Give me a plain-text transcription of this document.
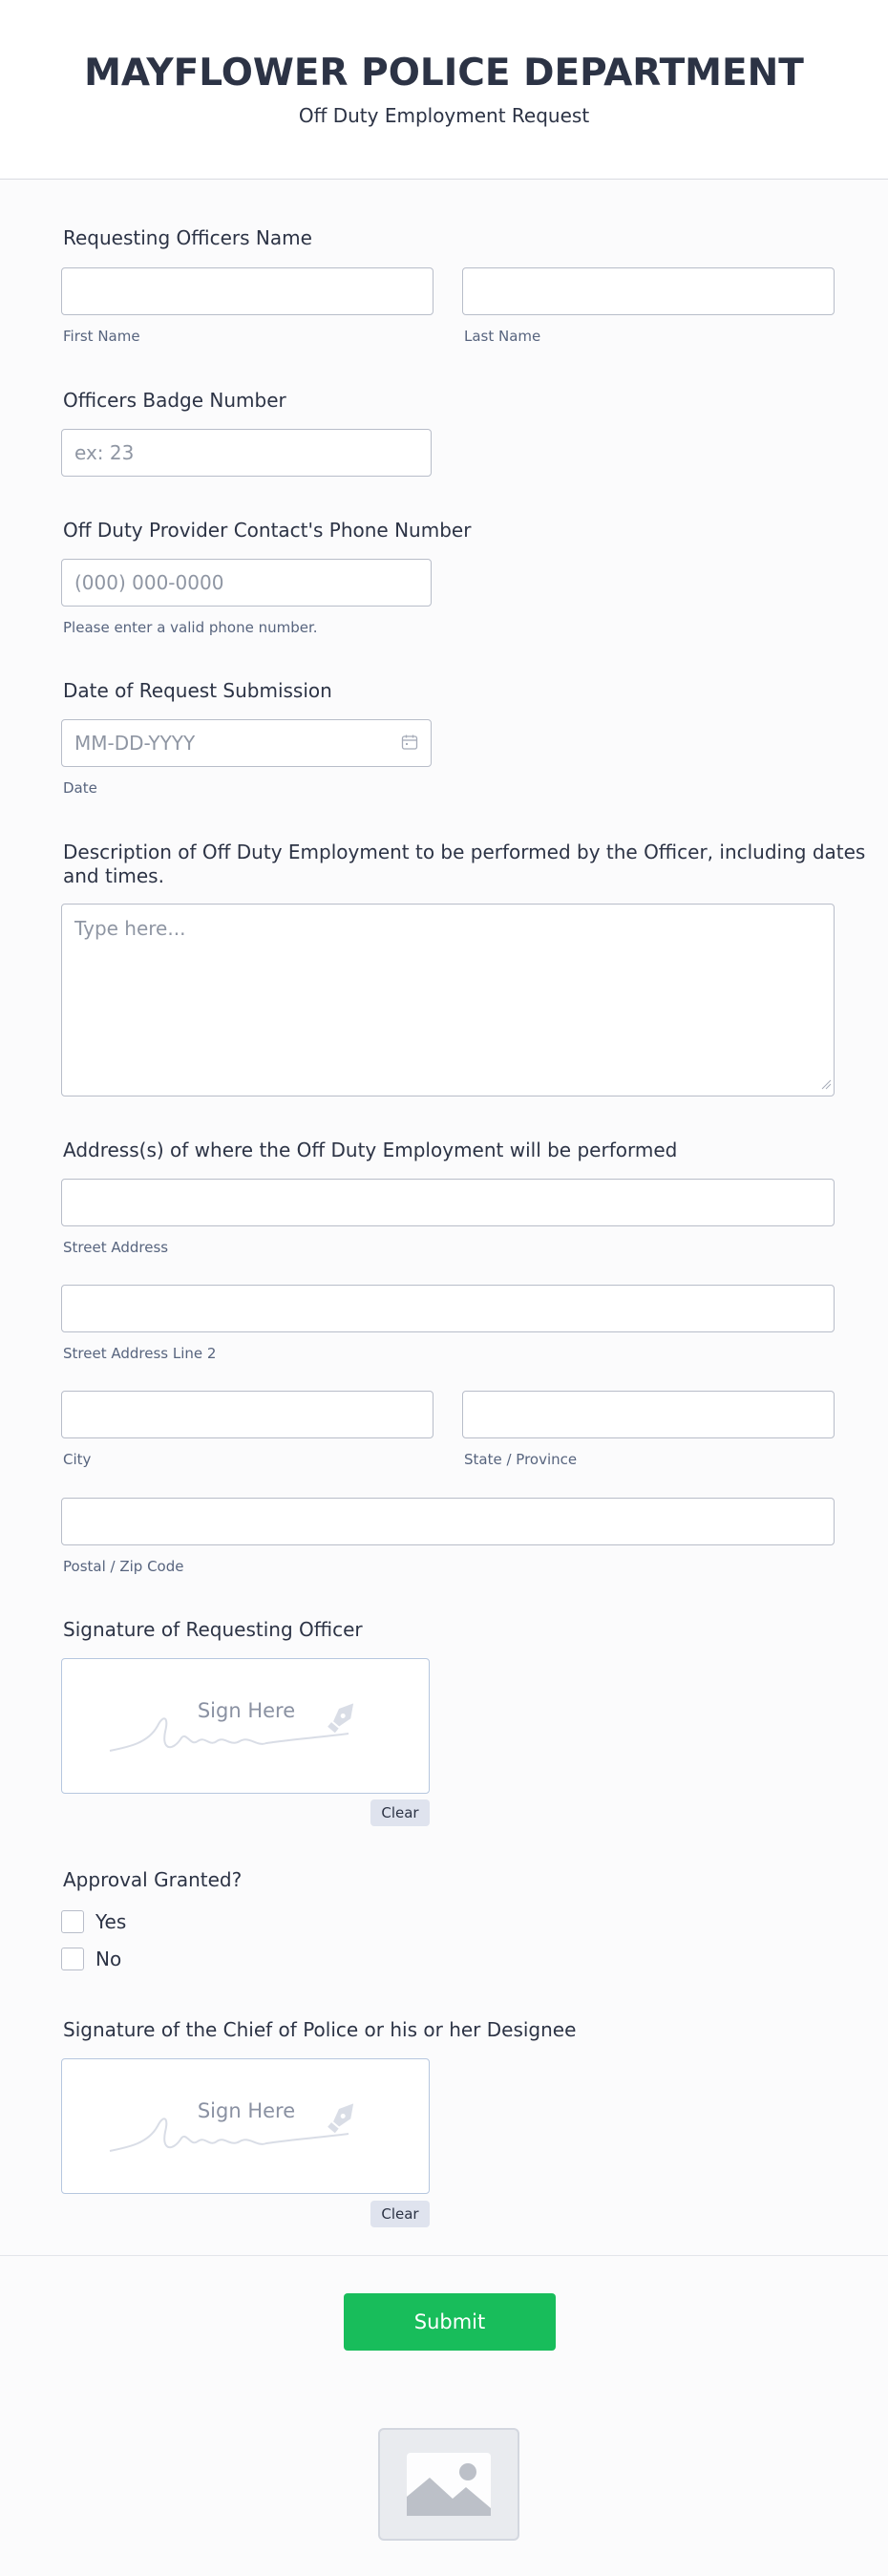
MAYFLOWER POLICE DEPARTMENT
Off Duty Employment Request
Requesting Officers Name
First Name	Last Name
Officers Badge Number
ex: 23
Off Duty Provider Contact's Phone Number
(000) 000-0000
Please enter a valid phone number.
Date of Request Submission
MM-DD-YYYY
Date
Description of Off Duty Employment to be performed by the Officer, including dates
and times.
Type here...
Address(s) of where the Off Duty Employment will be performed
Street Address
Street Address Line 2
City	State / Province
Postal / Zip Code
Signature of Requesting Officer
Sign Here
Clear
Approval Granted?
Yes
No
Signature of the Chief of Police or his or her Designee
Sign Here
Clear
Submit
